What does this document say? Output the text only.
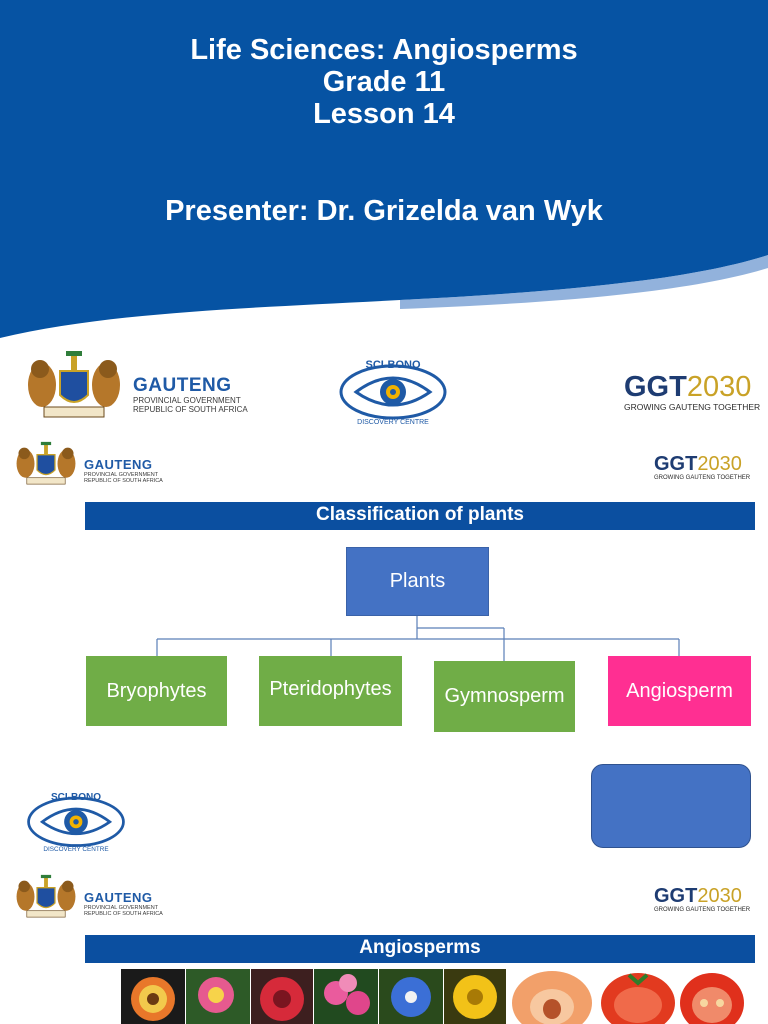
Life Sciences: Angiosperms
Grade 11
Lesson 14
Presenter: Dr. Grizelda van Wyk
GAUTENG
PROVINCIAL GOVERNMENT
REPUBLIC OF SOUTH AFRICA
SCI-BONO
DISCOVERY CENTRE
GGT2030
GROWING GAUTENG TOGETHER
GAUTENG
PROVINCIAL GOVERNMENT
REPUBLIC OF SOUTH AFRICA
GGT2030
GROWING GAUTENG TOGETHER
Classification of plants
Plants
Bryophytes	Pteridophytes	Gymnosperm	Angiosperm
SCI-BONO
DISCOVERY CENTRE
GAUTENG
PROVINCIAL GOVERNMENT
REPUBLIC OF SOUTH AFRICA
GGT2030
GROWING GAUTENG TOGETHER
Angiosperms
